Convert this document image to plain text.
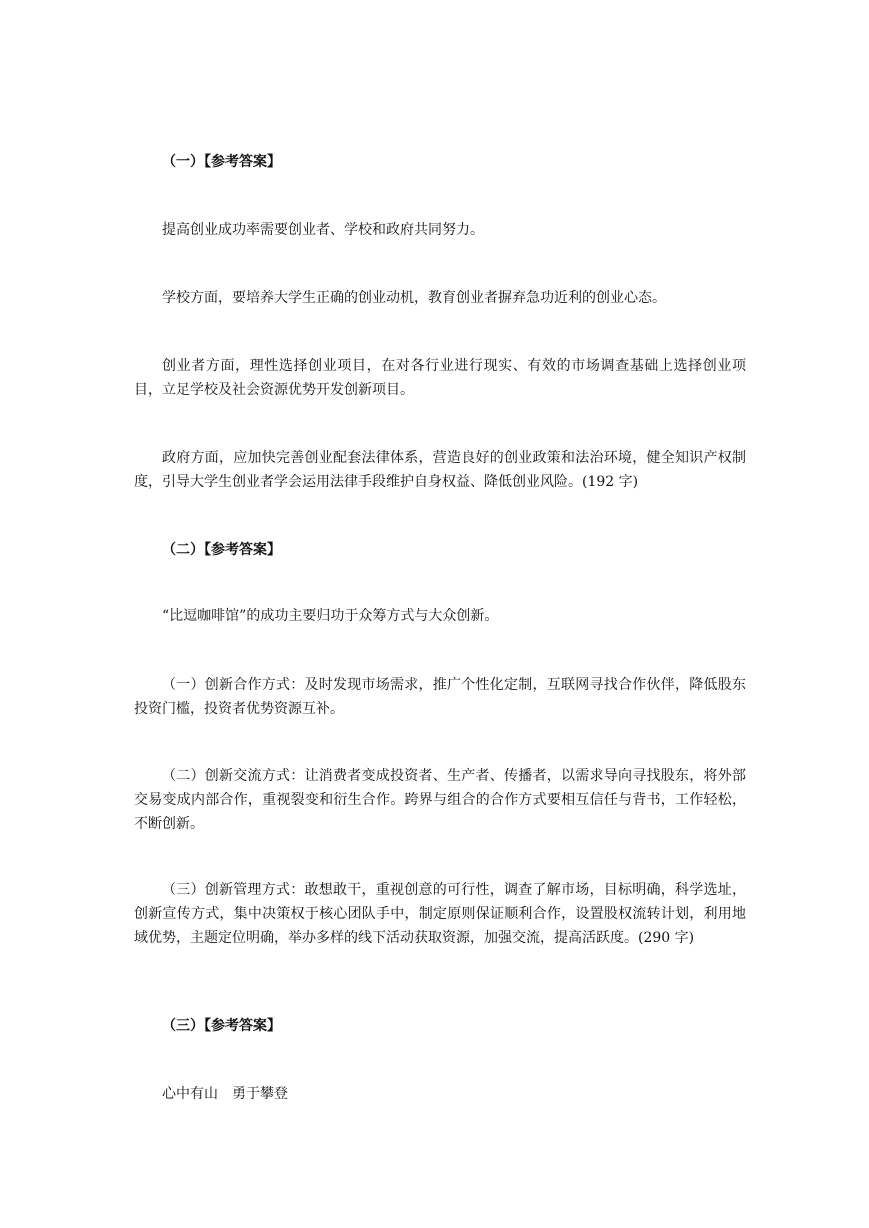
（一）【参考答案】

提高创业成功率需要创业者、学校和政府共同努力。

学校方面，要培养大学生正确的创业动机，教育创业者摒弃急功近利的创业心态。

创业者方面，理性选择创业项目，在对各行业进行现实、有效的市场调查基础上选择创业项目，立足学校及社会资源优势开发创新项目。

政府方面，应加快完善创业配套法律体系，营造良好的创业政策和法治环境，健全知识产权制度，引导大学生创业者学会运用法律手段维护自身权益、降低创业风险。(192 字)

（二）【参考答案】

“比逗咖啡馆”的成功主要归功于众筹方式与大众创新。

（一）创新合作方式：及时发现市场需求，推广个性化定制，互联网寻找合作伙伴，降低股东投资门槛，投资者优势资源互补。

（二）创新交流方式：让消费者变成投资者、生产者、传播者，以需求导向寻找股东，将外部交易变成内部合作，重视裂变和衍生合作。跨界与组合的合作方式要相互信任与背书，工作轻松，不断创新。

（三）创新管理方式：敢想敢干，重视创意的可行性，调查了解市场，目标明确，科学选址，创新宣传方式，集中决策权于核心团队手中，制定原则保证顺利合作，设置股权流转计划，利用地域优势，主题定位明确，举办多样的线下活动获取资源，加强交流，提高活跃度。(290 字)

（三）【参考答案】

心中有山　勇于攀登
